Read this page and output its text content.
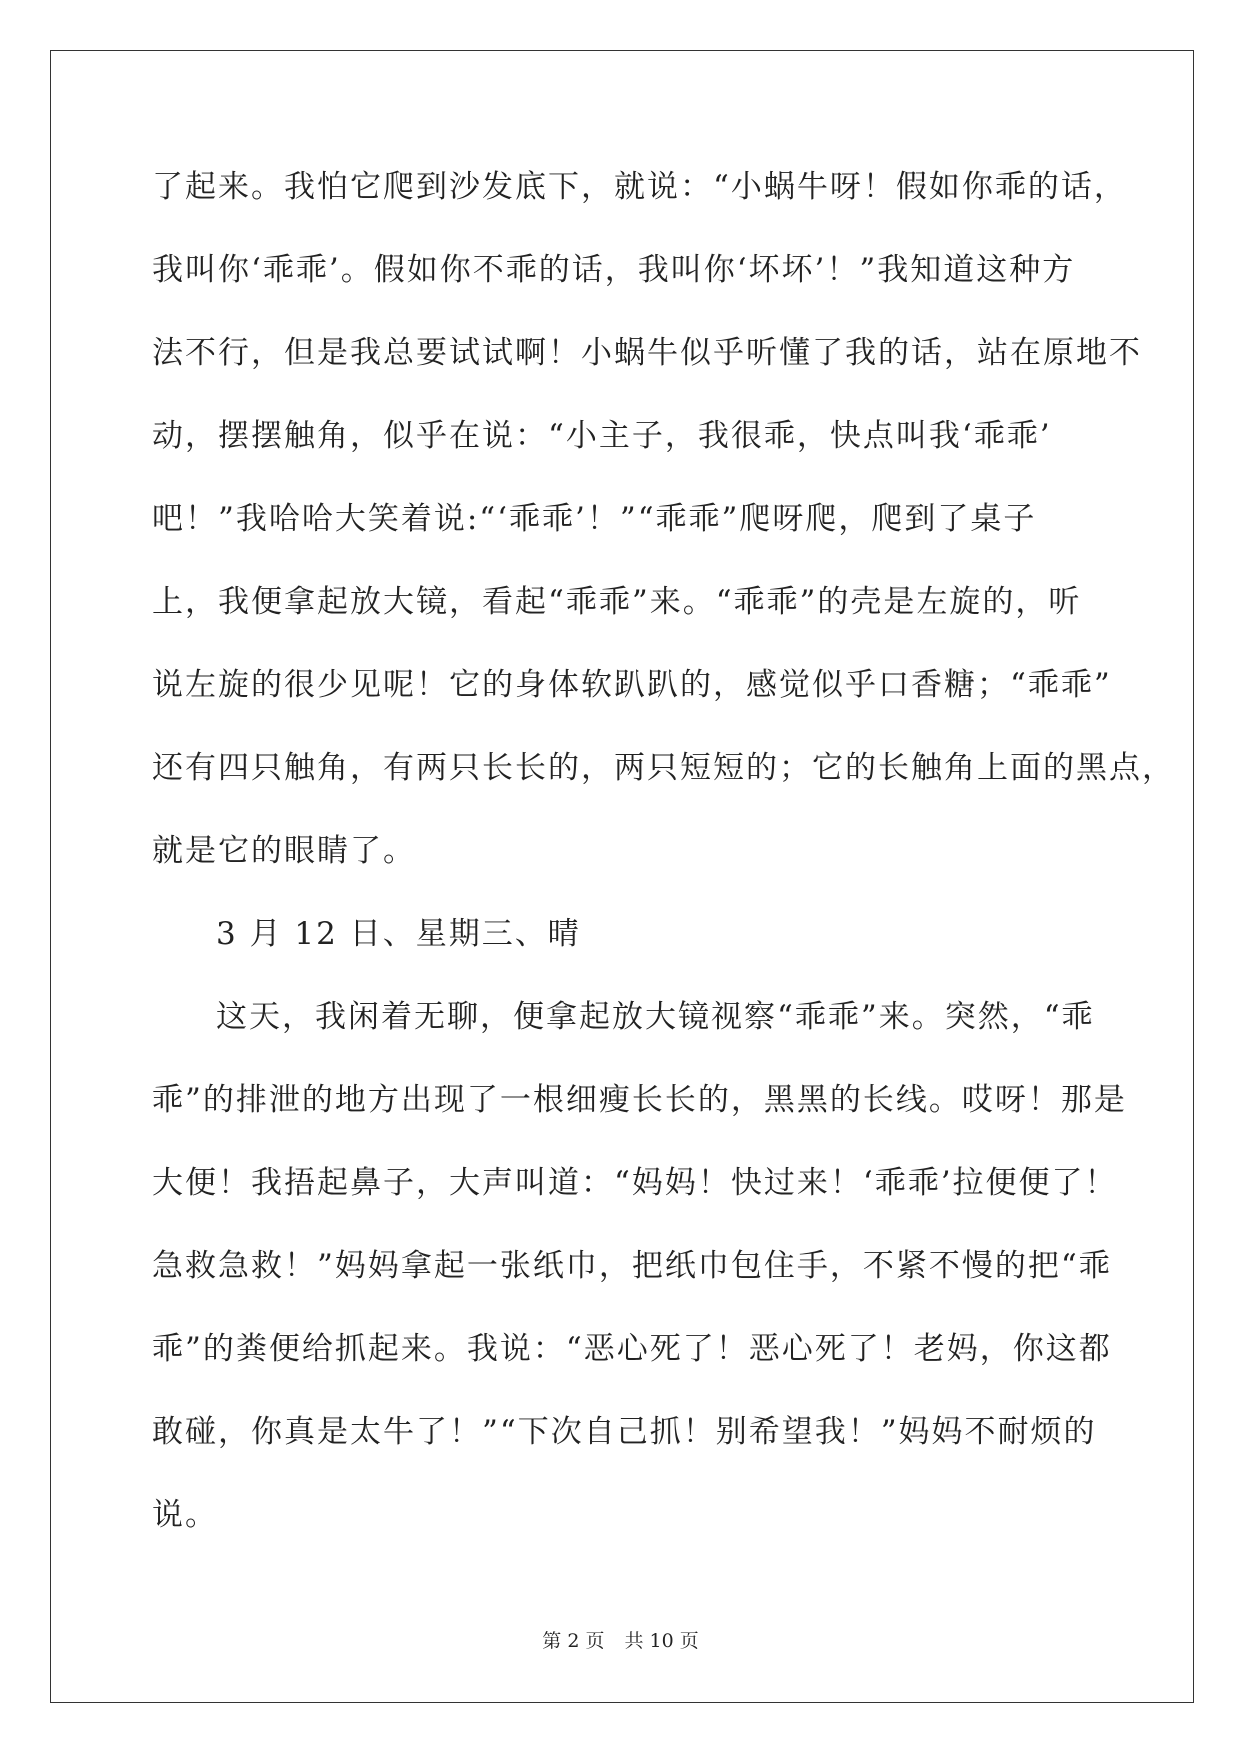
了起来。我怕它爬到沙发底下，就说：“小蜗牛呀！假如你乖的话，
我叫你‘乖乖’。假如你不乖的话，我叫你‘坏坏’！”我知道这种方
法不行，但是我总要试试啊！小蜗牛似乎听懂了我的话，站在原地不
动，摆摆触角，似乎在说：“小主子，我很乖，快点叫我‘乖乖’
吧！”我哈哈大笑着说:“‘乖乖’！”“乖乖”爬呀爬，爬到了桌子
上，我便拿起放大镜，看起“乖乖”来。“乖乖”的壳是左旋的，听
说左旋的很少见呢！它的身体软趴趴的，感觉似乎口香糖；“乖乖”
还有四只触角，有两只长长的，两只短短的；它的长触角上面的黑点，
就是它的眼睛了。
3 月 12 日、星期三、晴
这天，我闲着无聊，便拿起放大镜视察“乖乖”来。突然，“乖
乖”的排泄的地方出现了一根细瘦长长的，黑黑的长线。哎呀！那是
大便！我捂起鼻子，大声叫道：“妈妈！快过来！‘乖乖’拉便便了！
急救急救！”妈妈拿起一张纸巾，把纸巾包住手，不紧不慢的把“乖
乖”的粪便给抓起来。我说：“恶心死了！恶心死了！老妈，你这都
敢碰，你真是太牛了！”“下次自己抓！别希望我！”妈妈不耐烦的
说。
第 2 页 共 10 页
